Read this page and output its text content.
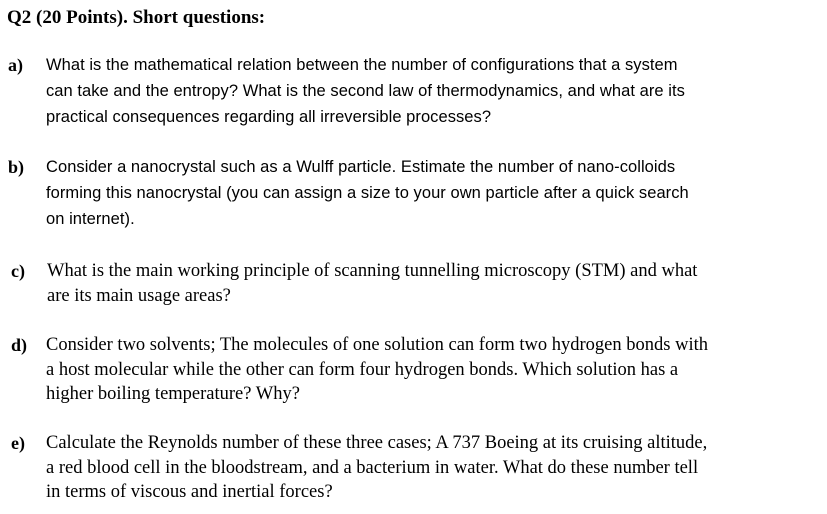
Q2 (20 Points). Short questions:
a) What is the mathematical relation between the number of configurations that a system
can take and the entropy? What is the second law of thermodynamics, and what are its
practical consequences regarding all irreversible processes?
b) Consider a nanocrystal such as a Wulff particle. Estimate the number of nano-colloids
forming this nanocrystal (you can assign a size to your own particle after a quick search
on internet).
c) What is the main working principle of scanning tunnelling microscopy (STM) and what
are its main usage areas?
d) Consider two solvents; The molecules of one solution can form two hydrogen bonds with
a host molecular while the other can form four hydrogen bonds. Which solution has a
higher boiling temperature? Why?
e) Calculate the Reynolds number of these three cases; A 737 Boeing at its cruising altitude,
a red blood cell in the bloodstream, and a bacterium in water. What do these number tell
in terms of viscous and inertial forces?
